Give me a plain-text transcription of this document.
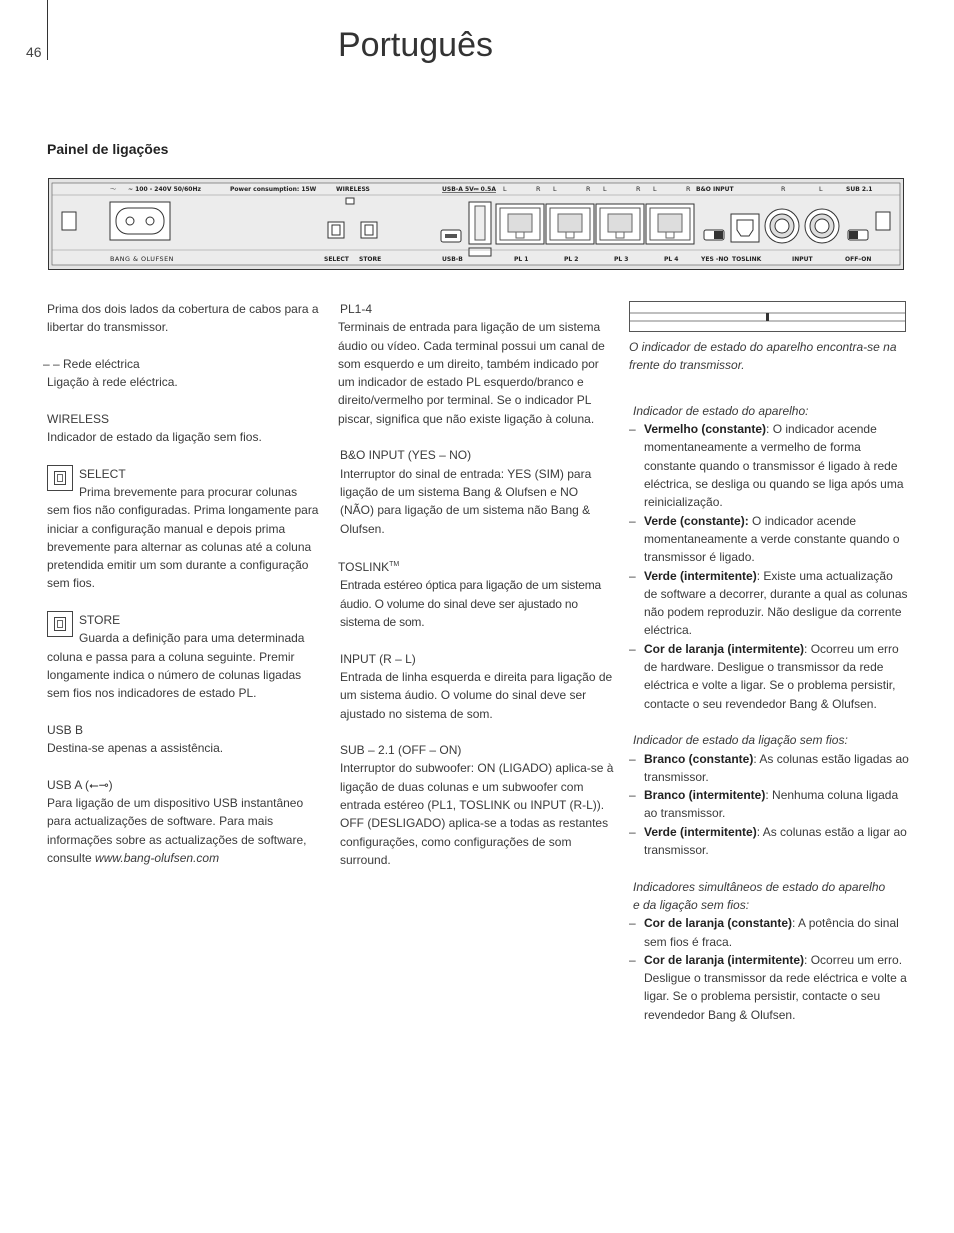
46	Português
Painel de ligações
〜 ~ 100 - 240V 50/60Hz	Power consumption: 15W	WIRELESS	USB-A 5V⎓ 0.5A L	R L	R L	R L	R B&O INPUT	R	L	SUB 2.1
BANG & OLUFSEN	SELECT STORE	USB-B	PL 1	PL 2	PL 3	PL 4	YES -NO TOSLINK	INPUT	OFF–ON

Prima dos dois lados da cobertura de cabos para a libertar do transmissor.

– – Rede eléctrica

Ligação à rede eléctrica.

WIRELESS

Indicador de estado da ligação sem fios.

SELECT
Prima brevemente para procurar colunas sem fios não configuradas. Prima longamente para iniciar a configuração manual e depois prima brevemente para alternar as colunas até a coluna pretendida emitir um som durante a configuração sem fios.
STORE
Guarda a definição para uma determinada coluna e passa para a coluna seguinte. Premir longamente indica o número de colunas ligadas sem fios nos indicadores de estado PL.

USB B

Destina-se apenas a assistência.

USB A (⭠⊸)

Para ligação de um dispositivo USB instantâneo para actualizações de software. Para mais informações sobre as actualizações de software, consulte www.bang-olufsen.com

PL1-4

Terminais de entrada para ligação de um sistema áudio ou vídeo. Cada terminal possui um canal de som esquerdo e um direito, também indicado por um indicador de estado PL esquerdo/branco e direito/vermelho por terminal. Se o indicador PL piscar, significa que não existe ligação à coluna.

B&O INPUT (YES – NO)

Interruptor do sinal de entrada: YES (SIM) para ligação de um sistema Bang & Olufsen e NO (NÃO) para ligação de um sistema não Bang & Olufsen.

TOSLINK™

Entrada estéreo óptica para ligação de um sistema áudio. O volume do sinal deve ser ajustado no sistema de som.

INPUT (R – L)

Entrada de linha esquerda e direita para ligação de um sistema áudio. O volume do sinal deve ser ajustado no sistema de som.

SUB – 2.1 (OFF – ON)

Interruptor do subwoofer: ON (LIGADO) aplica-se à ligação de duas colunas e um subwoofer com entrada estéreo (PL1, TOSLINK ou INPUT (R-L)). OFF (DESLIGADO) aplica-se a todas as restantes configurações, como configurações de som surround.

O indicador de estado do aparelho encontra-se na frente do transmissor.

Indicador de estado do aparelho:

– Vermelho (constante): O indicador acende momentaneamente a vermelho de forma constante quando o transmissor é ligado à rede eléctrica, se desliga ou quando se liga após uma reinicialização.
– Verde (constante): O indicador acende momentaneamente a verde constante quando o transmissor é ligado.
– Verde (intermitente): Existe uma actualização de software a decorrer, durante a qual as colunas não podem reproduzir. Não desligue da corrente eléctrica.
– Cor de laranja (intermitente): Ocorreu um erro de hardware. Desligue o transmissor da rede eléctrica e volte a ligar. Se o problema persistir, contacte o seu revendedor Bang & Olufsen.

Indicador de estado da ligação sem fios:

– Branco (constante): As colunas estão ligadas ao transmissor.
– Branco (intermitente): Nenhuma coluna ligada ao transmissor.
– Verde (intermitente): As colunas estão a ligar ao transmissor.

Indicadores simultâneos de estado do aparelho

e da ligação sem fios:

– Cor de laranja (constante): A potência do sinal sem fios é fraca.
– Cor de laranja (intermitente): Ocorreu um erro. Desligue o transmissor da rede eléctrica e volte a ligar. Se o problema persistir, contacte o seu revendedor Bang & Olufsen.
